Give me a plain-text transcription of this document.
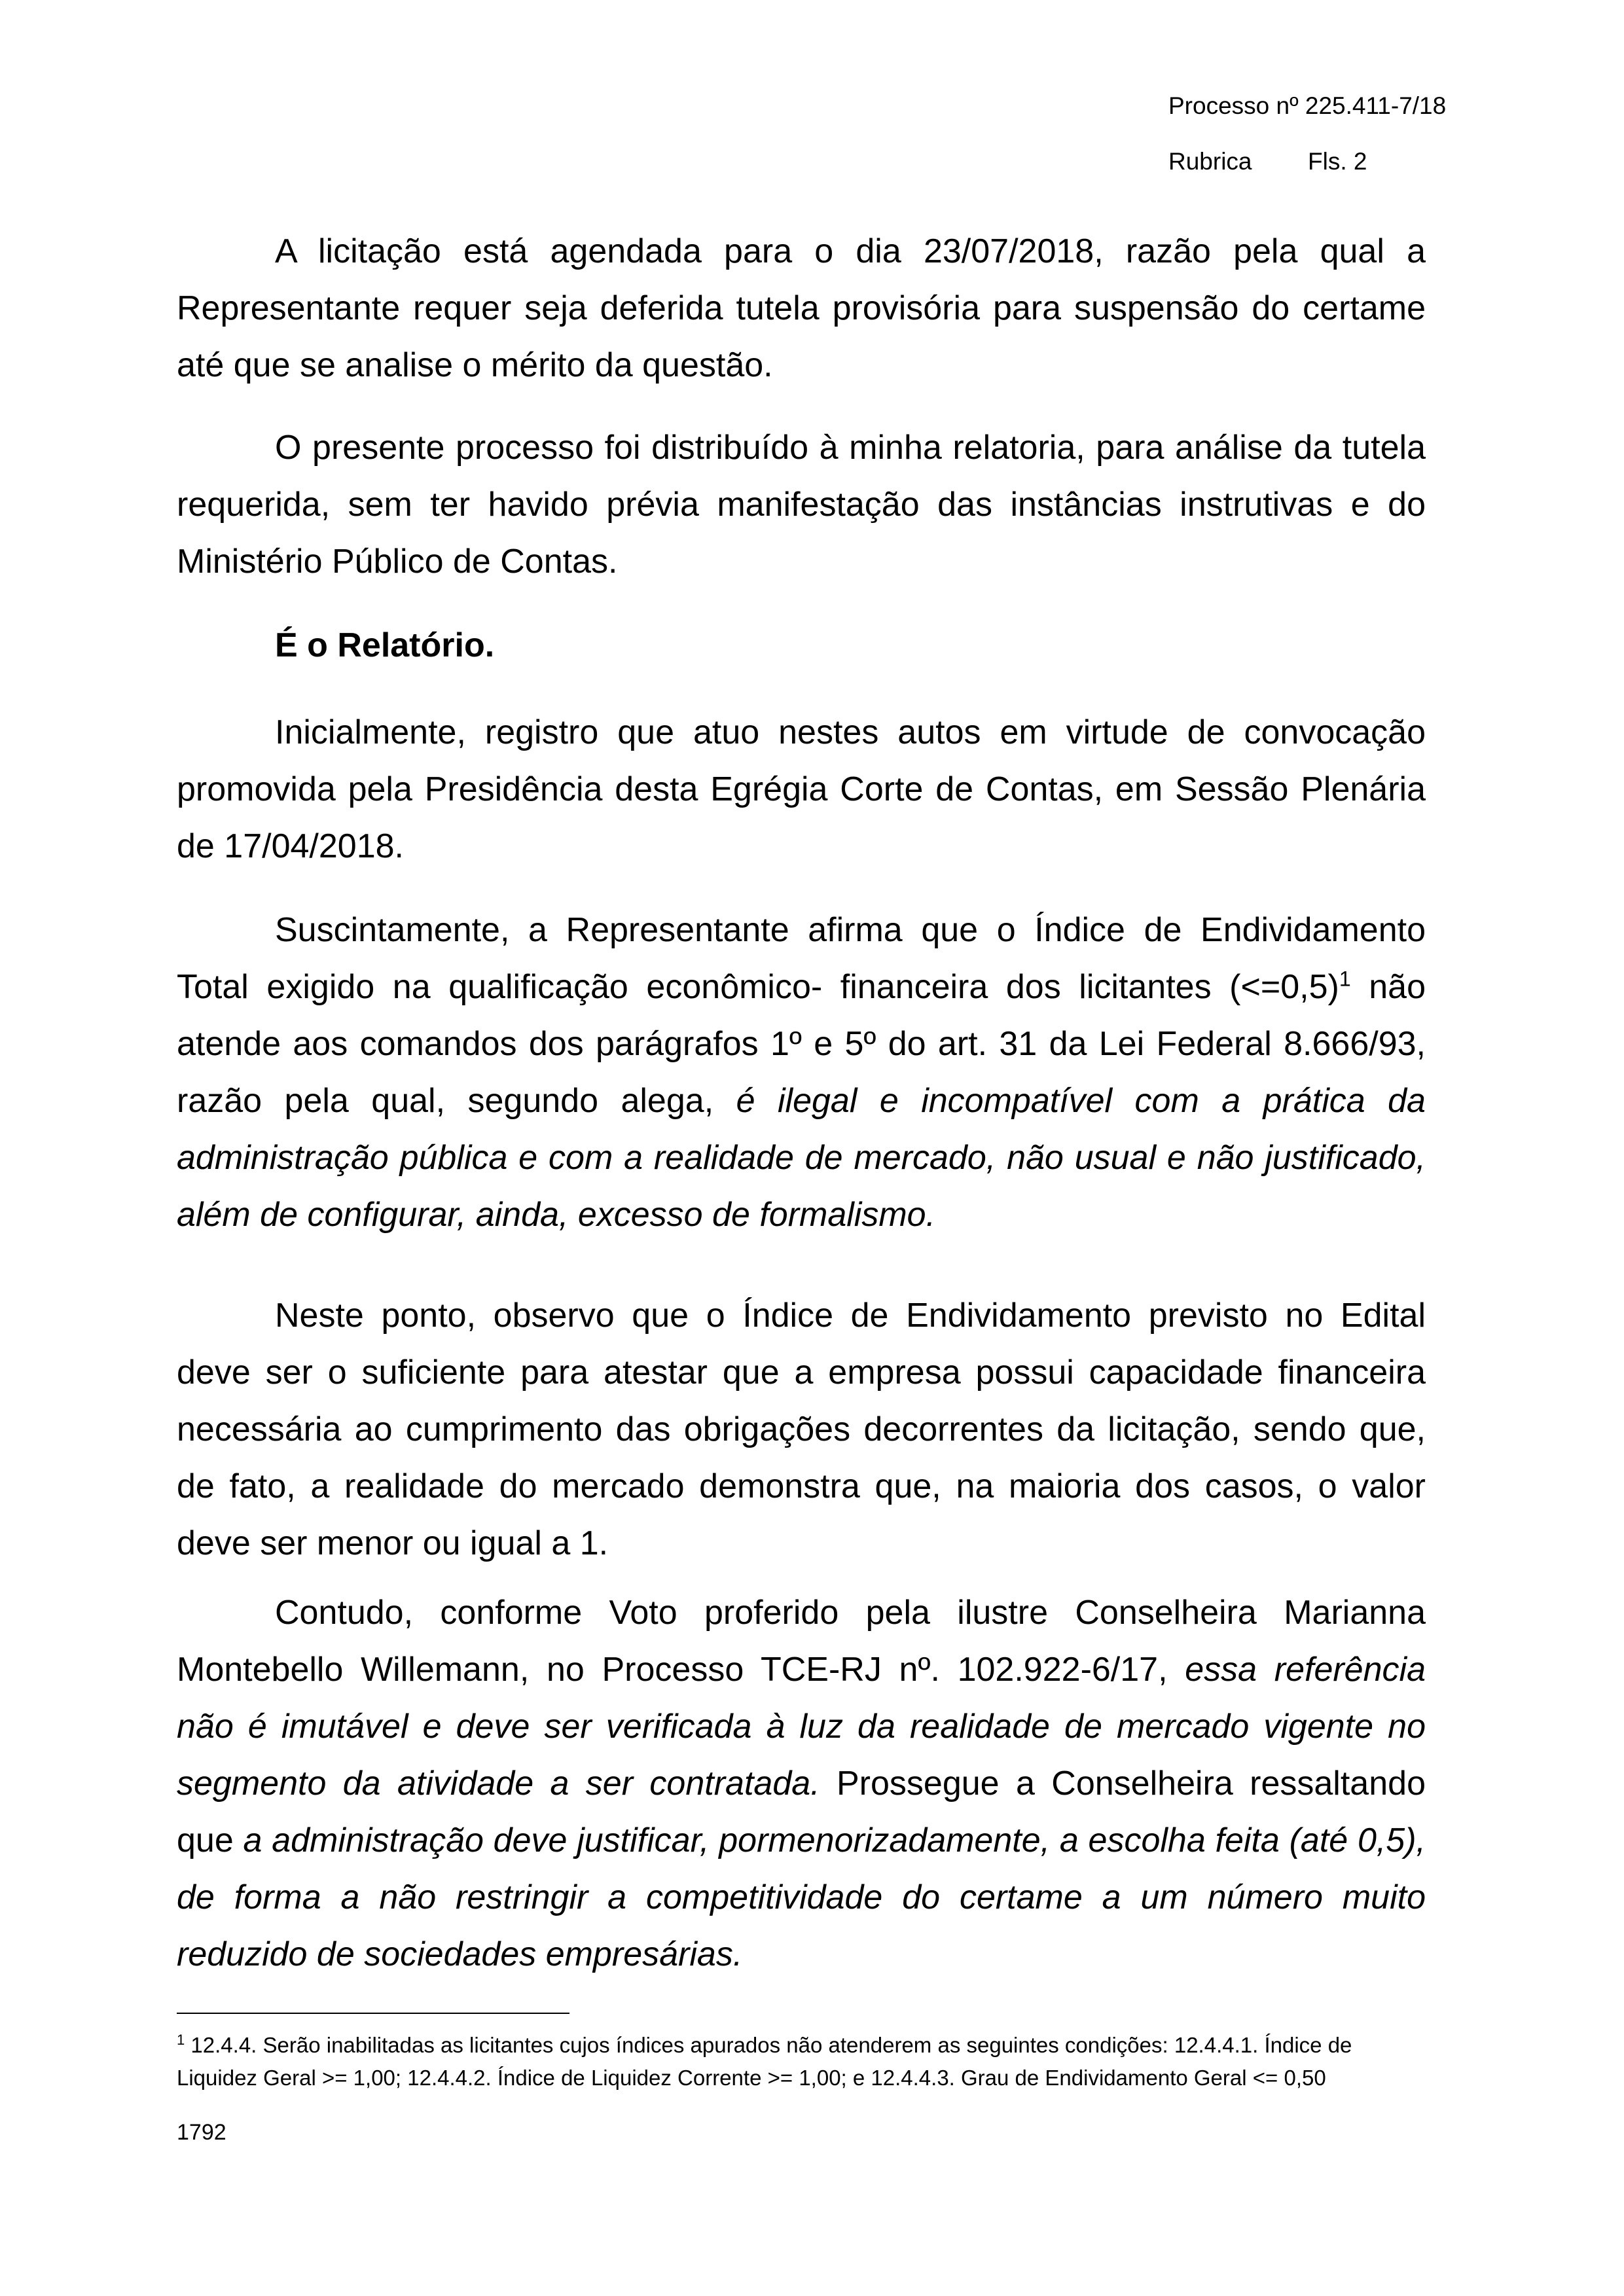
Processo nº 225.411-7/18
Rubrica Fls. 2

A licitação está agendada para o dia 23/07/2018, razão pela qual a Representante requer seja deferida tutela provisória para suspensão do certame até que se analise o mérito da questão.

O presente processo foi distribuído à minha relatoria, para análise da tutela requerida, sem ter havido prévia manifestação das instâncias instrutivas e do Ministério Público de Contas.

É o Relatório.

Inicialmente, registro que atuo nestes autos em virtude de convocação promovida pela Presidência desta Egrégia Corte de Contas, em Sessão Plenária de 17/04/2018.

Suscintamente, a Representante afirma que o Índice de Endividamento Total exigido na qualificação econômico- financeira dos licitantes (<=0,5)$^1$ não atende aos comandos dos parágrafos 1º e 5º do art. 31 da Lei Federal 8.666/93, razão pela qual, segundo alega, é ilegal e incompatível com a prática da administração pública e com a realidade de mercado, não usual e não justificado, além de configurar, ainda, excesso de formalismo.

Neste ponto, observo que o Índice de Endividamento previsto no Edital deve ser o suficiente para atestar que a empresa possui capacidade financeira necessária ao cumprimento das obrigações decorrentes da licitação, sendo que, de fato, a realidade do mercado demonstra que, na maioria dos casos, o valor deve ser menor ou igual a 1.

Contudo, conforme Voto proferido pela ilustre Conselheira Marianna Montebello Willemann, no Processo TCE-RJ nº. 102.922-6/17, essa referência não é imutável e deve ser verificada à luz da realidade de mercado vigente no segmento da atividade a ser contratada. Prossegue a Conselheira ressaltando que a administração deve justificar, pormenorizadamente, a escolha feita (até 0,5), de forma a não restringir a competitividade do certame a um número muito reduzido de sociedades empresárias.

$^1$ 12.4.4. Serão inabilitadas as licitantes cujos índices apurados não atenderem as seguintes condições: 12.4.4.1. Índice de Liquidez Geral >= 1,00; 12.4.4.2. Índice de Liquidez Corrente >= 1,00; e 12.4.4.3. Grau de Endividamento Geral <= 0,50
1792
